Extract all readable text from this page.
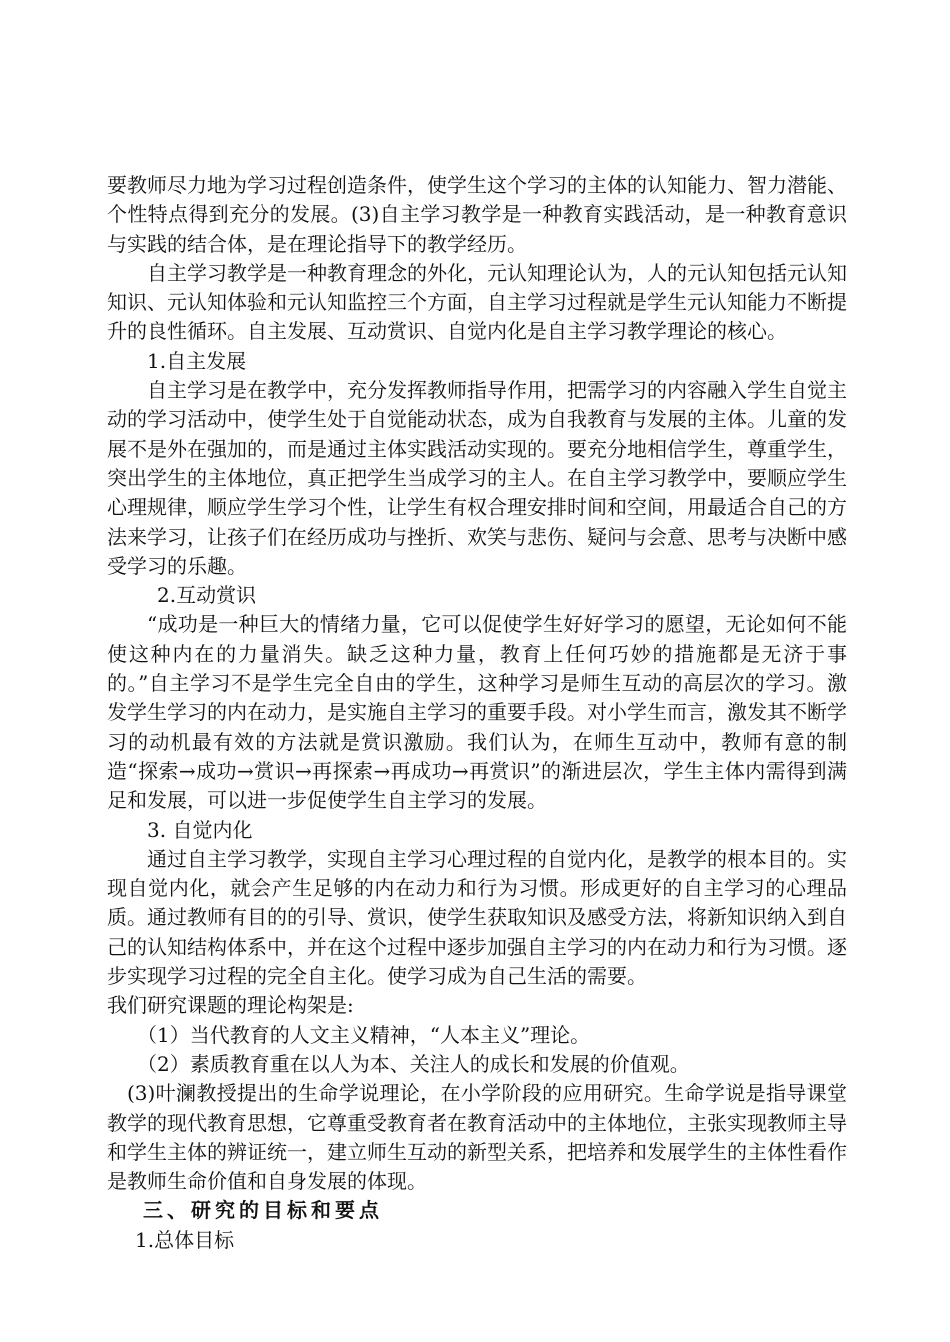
要教师尽力地为学习过程创造条件，使学生这个学习的主体的认知能力、智力潜能、个性特点得到充分的发展。(3)自主学习教学是一种教育实践活动，是一种教育意识与实践的结合体，是在理论指导下的教学经历。

自主学习教学是一种教育理念的外化，元认知理论认为，人的元认知包括元认知知识、元认知体验和元认知监控三个方面，自主学习过程就是学生元认知能力不断提升的良性循环。自主发展、互动赏识、自觉内化是自主学习教学理论的核心。

1.自主发展

自主学习是在教学中，充分发挥教师指导作用，把需学习的内容融入学生自觉主动的学习活动中，使学生处于自觉能动状态，成为自我教育与发展的主体。儿童的发展不是外在强加的，而是通过主体实践活动实现的。要充分地相信学生，尊重学生，突出学生的主体地位，真正把学生当成学习的主人。在自主学习教学中，要顺应学生心理规律，顺应学生学习个性，让学生有权合理安排时间和空间，用最适合自己的方法来学习，让孩子们在经历成功与挫折、欢笑与悲伤、疑问与会意、思考与决断中感受学习的乐趣。

2.互动赏识

“成功是一种巨大的情绪力量，它可以促使学生好好学习的愿望，无论如何不能使这种内在的力量消失。缺乏这种力量，教育上任何巧妙的措施都是无济于事的。”自主学习不是学生完全自由的学生，这种学习是师生互动的高层次的学习。激发学生学习的内在动力，是实施自主学习的重要手段。对小学生而言，激发其不断学习的动机最有效的方法就是赏识激励。我们认为，在师生互动中，教师有意的制造“探索→成功→赏识→再探索→再成功→再赏识”的渐进层次，学生主体内需得到满足和发展，可以进一步促使学生自主学习的发展。

3. 自觉内化

通过自主学习教学，实现自主学习心理过程的自觉内化，是教学的根本目的。实现自觉内化，就会产生足够的内在动力和行为习惯。形成更好的自主学习的心理品质。通过教师有目的的引导、赏识，使学生获取知识及感受方法，将新知识纳入到自己的认知结构体系中，并在这个过程中逐步加强自主学习的内在动力和行为习惯。逐步实现学习过程的完全自主化。使学习成为自己生活的需要。

我们研究课题的理论构架是:

（1）当代教育的人文主义精神，“人本主义”理论。

（2）素质教育重在以人为本、关注人的成长和发展的价值观。

(3)叶澜教授提出的生命学说理论，在小学阶段的应用研究。生命学说是指导课堂教学的现代教育思想，它尊重受教育者在教育活动中的主体地位，主张实现教师主导和学生主体的辨证统一，建立师生互动的新型关系，把培养和发展学生的主体性看作是教师生命价值和自身发展的体现。

三、研究的目标和要点

1.总体目标
